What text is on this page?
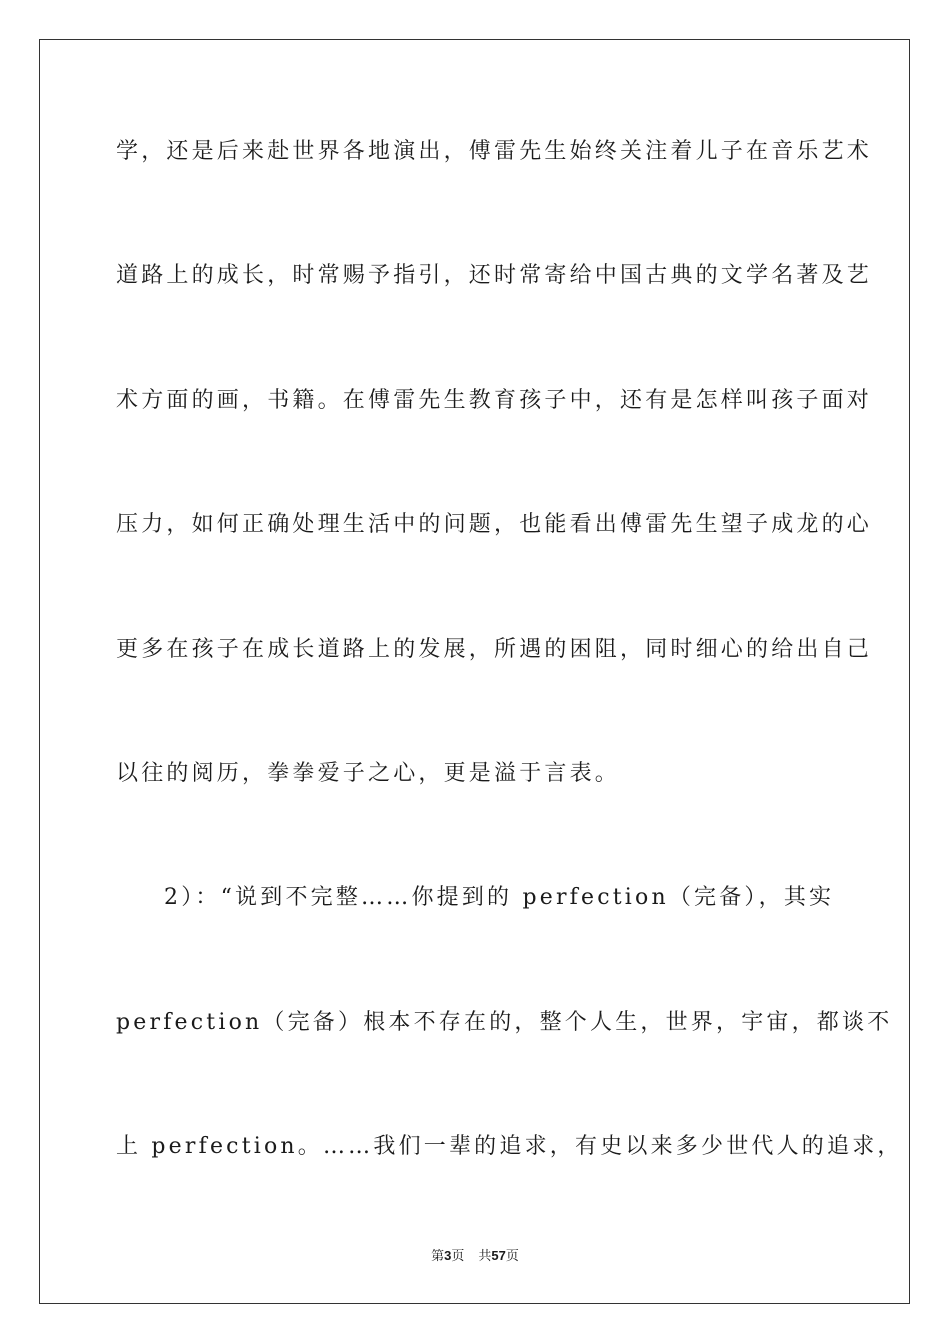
学，还是后来赴世界各地演出，傅雷先生始终关注着儿子在音乐艺术
道路上的成长，时常赐予指引，还时常寄给中国古典的文学名著及艺
术方面的画，书籍。在傅雷先生教育孩子中，还有是怎样叫孩子面对
压力，如何正确处理生活中的问题，也能看出傅雷先生望子成龙的心
更多在孩子在成长道路上的发展，所遇的困阻，同时细心的给出自己
以往的阅历，拳拳爱子之心，更是溢于言表。
2）：“说到不完整……你提到的 perfection（完备），其实
perfection（完备）根本不存在的，整个人生，世界，宇宙，都谈不
上 perfection。……我们一辈的追求，有史以来多少世代人的追求，
第3页 共57页
